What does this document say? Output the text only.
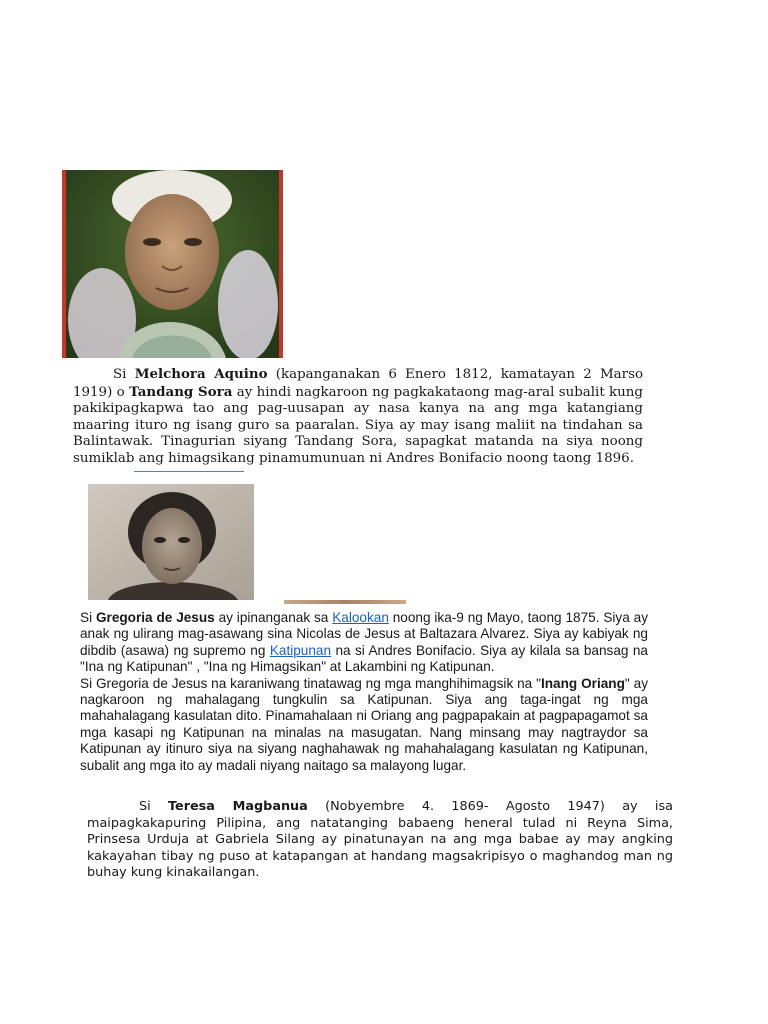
Si Melchora Aquino (kapanganakan 6 Enero 1812, kamatayan 2 Marso 1919) o Tandang Sora ay hindi nagkaroon ng pagkakataong mag-aral subalit kung pakikipagkapwa tao ang pag-uusapan ay nasa kanya na ang mga katangiang maaring ituro ng isang guro sa paaralan. Siya ay may isang maliit na tindahan sa Balintawak. Tinagurian siyang Tandang Sora, sapagkat matanda na siya noong sumiklab ang himagsikang pinamumunuan ni Andres Bonifacio noong taong 1896.

Si Gregoria de Jesus ay ipinanganak sa Kalookan noong ika-9 ng Mayo, taong 1875. Siya ay anak ng ulirang mag-asawang sina Nicolas de Jesus at Baltazara Alvarez. Siya ay kabiyak ng dibdib (asawa) ng supremo ng Katipunan na si Andres Bonifacio. Siya ay kilala sa bansag na "Ina ng Katipunan" , "Ina ng Himagsikan" at Lakambini ng Katipunan.
Si Gregoria de Jesus na karaniwang tinatawag ng mga manghihimagsik na "Inang Oriang" ay nagkaroon ng mahalagang tungkulin sa Katipunan. Siya ang taga-ingat ng mga mahahalagang kasulatan dito. Pinamahalaan ni Oriang ang pagpapakain at pagpapagamot sa mga kasapi ng Katipunan na minalas na masugatan. Nang minsang may nagtraydor sa Katipunan ay itinuro siya na siyang naghahawak ng mahahalagang kasulatan ng Katipunan, subalit ang mga ito ay madali niyang naitago sa malayong lugar.

Si Teresa Magbanua (Nobyembre 4. 1869- Agosto 1947) ay isa maipagkakapuring Pilipina, ang natatanging babaeng heneral tulad ni Reyna Sima, Prinsesa Urduja at Gabriela Silang ay pinatunayan na ang mga babae ay may angking kakayahan tibay ng puso at katapangan at handang magsakripisyo o maghandog man ng buhay kung kinakailangan.
